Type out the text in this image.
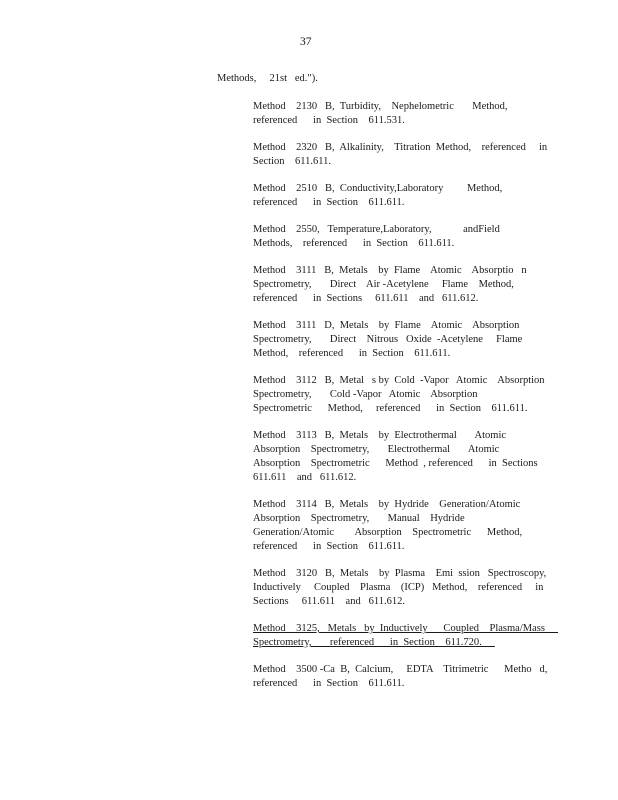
37
Methods,     21st   ed.").

Method    2130   B,  Turbidity,    Nephelometric       Method,
referenced      in  Section    611.531.

Method    2320   B,  Alkalinity,    Titration  Method,    referenced     in
Section    611.611.

Method    2510   B,  Conductivity,Laboratory         Method,
referenced      in  Section    611.611.

Method    2550,   Temperature,Laboratory,            andField
Methods,    referenced      in  Section    611.611.

Method    3111   B,  Metals    by  Flame    Atomic    Absorptio   n
Spectrometry,       Direct    Air -Acetylene     Flame    Method,
referenced      in  Sections     611.611    and   611.612.

Method    3111   D,  Metals    by  Flame    Atomic    Absorption
Spectrometry,       Direct    Nitrous   Oxide  -Acetylene     Flame
Method,    referenced      in  Section    611.611.

Method    3112   B,  Metal   s by  Cold  -Vapor   Atomic    Absorption
Spectrometry,       Cold -Vapor   Atomic    Absorption
Spectrometric      Method,     referenced      in  Section    611.611.

Method    3113   B,  Metals    by  Electrothermal       Atomic
Absorption    Spectrometry,       Electrothermal       Atomic
Absorption    Spectrometric      Method  , referenced      in  Sections
611.611    and   611.612.

Method    3114   B,  Metals    by  Hydride    Generation/Atomic
Absorption    Spectrometry,       Manual    Hydride
Generation/Atomic        Absorption    Spectrometric      Method,
referenced      in  Section    611.611.

Method    3120   B,  Metals    by  Plasma    Emi  ssion   Spectroscopy,
Inductively     Coupled    Plasma    (ICP)   Method,    referenced     in
Sections     611.611    and   611.612.

Method    3125,   Metals   by  Inductively      Coupled    Plasma/Mass
Spectrometry,       referenced      in  Section    611.720.

Method    3500 -Ca  B,  Calcium,     EDTA    Titrimetric      Metho   d,
referenced      in  Section    611.611.
